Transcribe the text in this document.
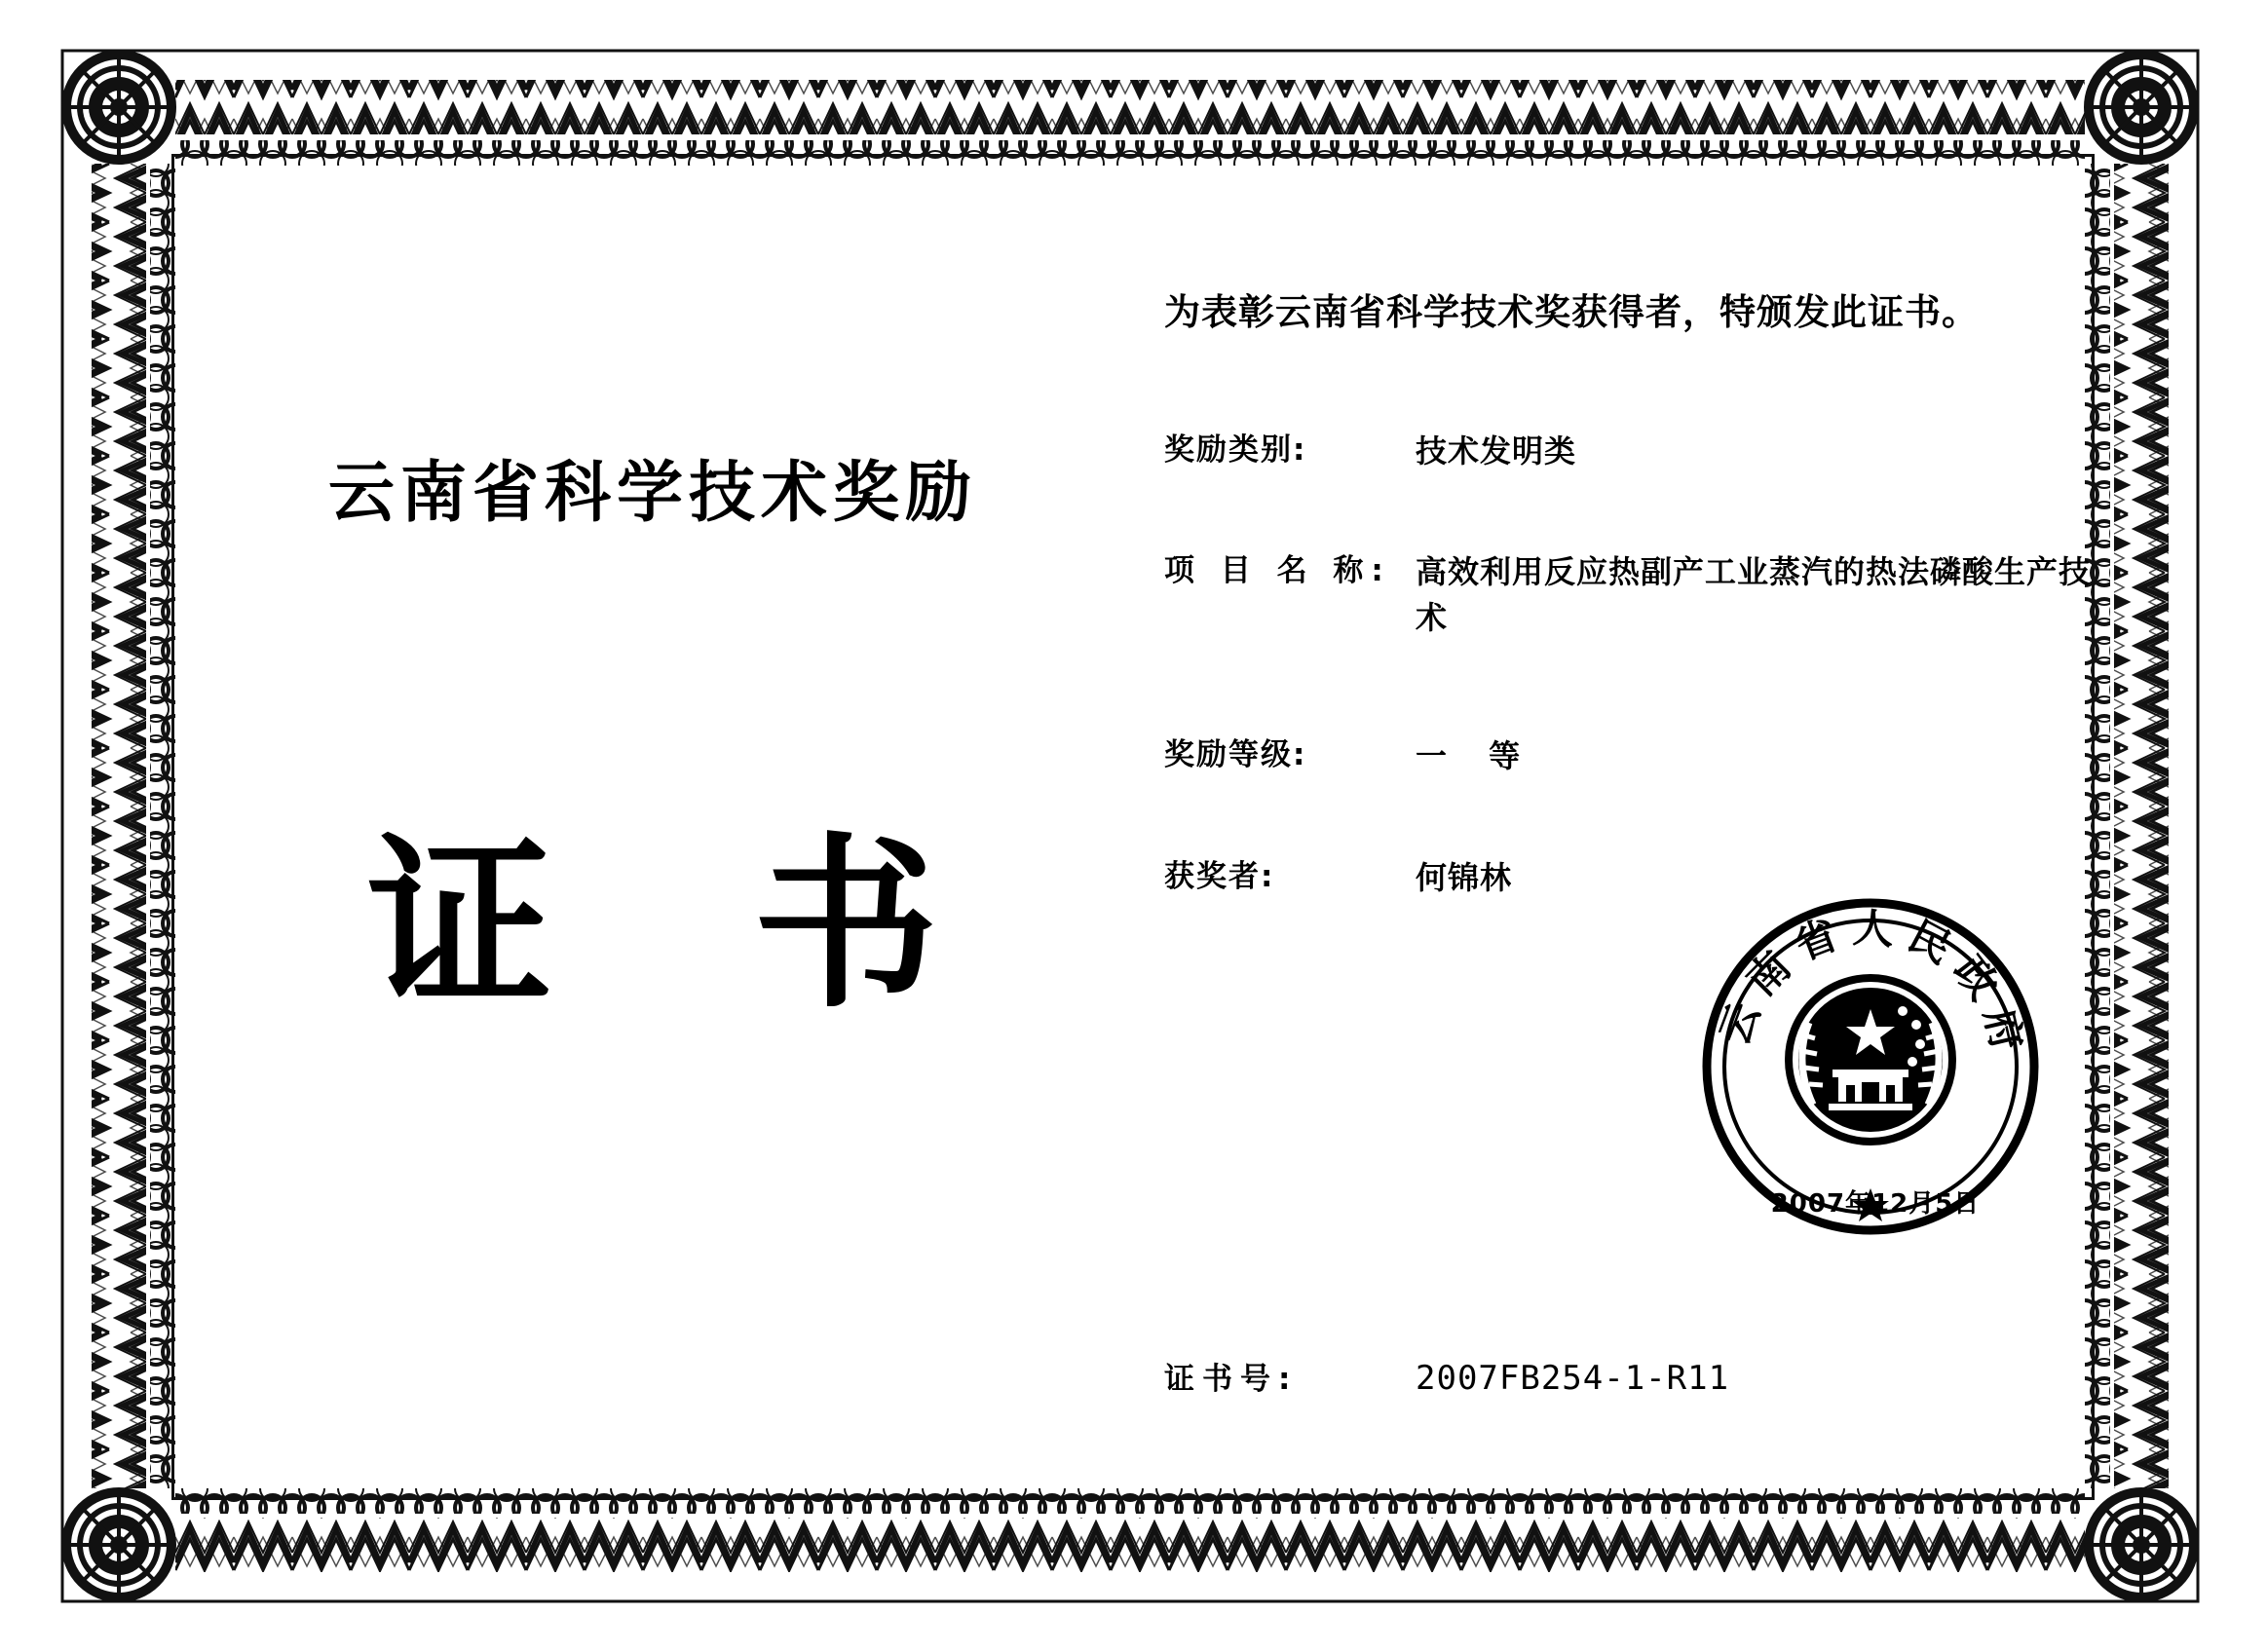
云南省科学技术奖励
证 书
为表彰云南省科学技术奖获得者，特颁发此证书。
奖励类别:	技术发明类
项 目 名 称: 高效利用反应热副产工业蒸汽的热法磷酸生产技术
奖励等级:	一 等
获奖者:	何锦林
证书号:	2007FB254-1-R11
云南省人民政府
2007年12月5日
